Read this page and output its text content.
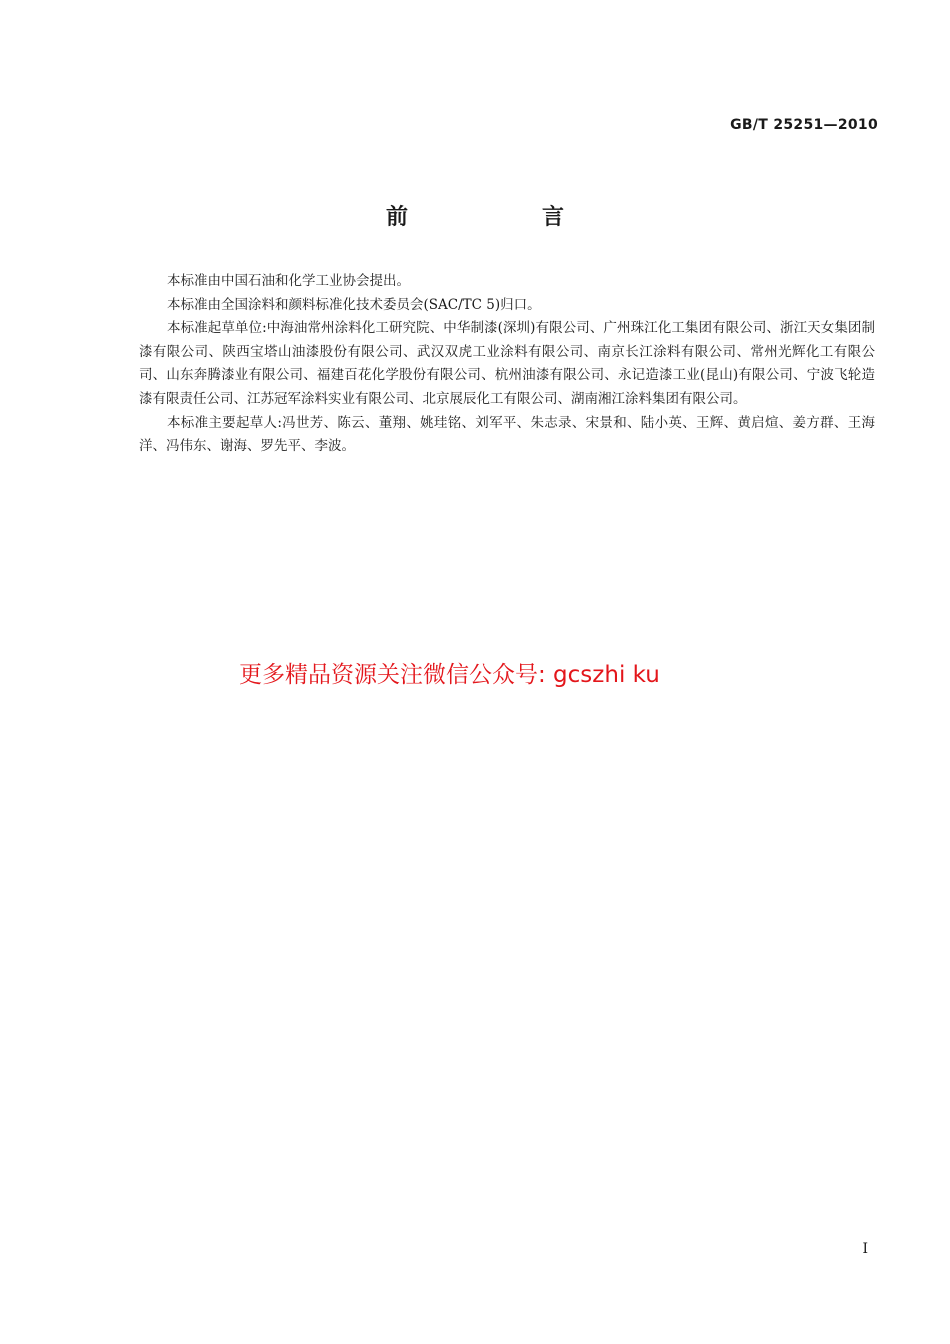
GB/T 25251—2010
前　言

本标准由中国石油和化学工业协会提出。

本标准由全国涂料和颜料标准化技术委员会(SAC/TC 5)归口。

本标准起草单位:中海油常州涂料化工研究院、中华制漆(深圳)有限公司、广州珠江化工集团有限公司、浙江天女集团制漆有限公司、陕西宝塔山油漆股份有限公司、武汉双虎工业涂料有限公司、南京长江涂料有限公司、常州光辉化工有限公司、山东奔腾漆业有限公司、福建百花化学股份有限公司、杭州油漆有限公司、永记造漆工业(昆山)有限公司、宁波飞轮造漆有限责任公司、江苏冠军涂料实业有限公司、北京展辰化工有限公司、湖南湘江涂料集团有限公司。

本标准主要起草人:冯世芳、陈云、董翔、姚珪铭、刘军平、朱志录、宋景和、陆小英、王辉、黄启煊、姜方群、王海洋、冯伟东、谢海、罗先平、李波。

更多精品资源关注微信公众号: gcszhi ku
I
